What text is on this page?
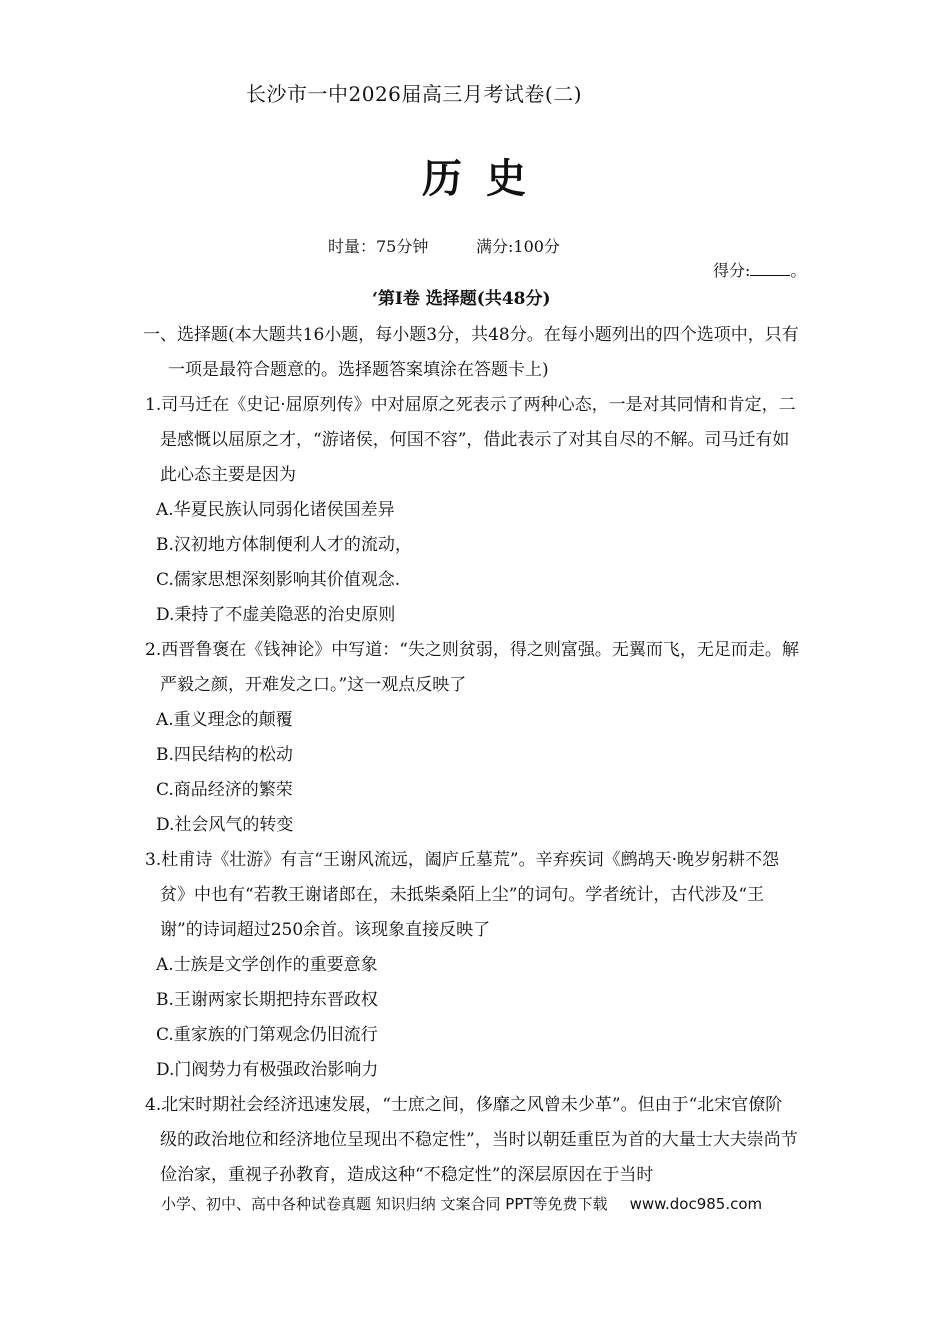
长沙市一中2026届高三月考试卷(二)
历史
时量：75分钟	满分:100分
得分:	。
‘第Ⅰ卷 选择题(共48分)
一、选择题(本大题共16小题，每小题3分，共48分。在每小题列出的四个选项中，只有
一项是最符合题意的。选择题答案填涂在答题卡上)
1.司马迁在《史记·屈原列传》中对屈原之死表示了两种心态，一是对其同情和肯定，二
是感慨以屈原之才，“游诸侯，何国不容”，借此表示了对其自尽的不解。司马迁有如
此心态主要是因为
A.华夏民族认同弱化诸侯国差异
B.汉初地方体制便利人才的流动，
C.儒家思想深刻影响其价值观念.
D.秉持了不虚美隐恶的治史原则
2.西晋鲁褒在《钱神论》中写道：“失之则贫弱，得之则富强。无翼而飞，无足而走。解
严毅之颜，开难发之口。”这一观点反映了
A.重义理念的颠覆
B.四民结构的松动
C.商品经济的繁荣
D.社会风气的转变
3.杜甫诗《壮游》有言“王谢风流远，阖庐丘墓荒”。辛弃疾词《鹧鸪天·晚岁躬耕不怨
贫》中也有“若教王谢诸郎在，未抵柴桑陌上尘”的词句。学者统计，古代涉及“王
谢”的诗词超过250余首。该现象直接反映了
A.士族是文学创作的重要意象
B.王谢两家长期把持东晋政权
C.重家族的门第观念仍旧流行
D.门阀势力有极强政治影响力
4.北宋时期社会经济迅速发展，“士庶之间，侈靡之风曾未少革”。但由于“北宋官僚阶
级的政治地位和经济地位呈现出不稳定性”，当时以朝廷重臣为首的大量士大夫崇尚节
俭治家，重视子孙教育，造成这种“不稳定性”的深层原因在于当时
小学、初中、高中各种试卷真题 知识归纳 文案合同 PPT等免费下载 www.doc985.com
